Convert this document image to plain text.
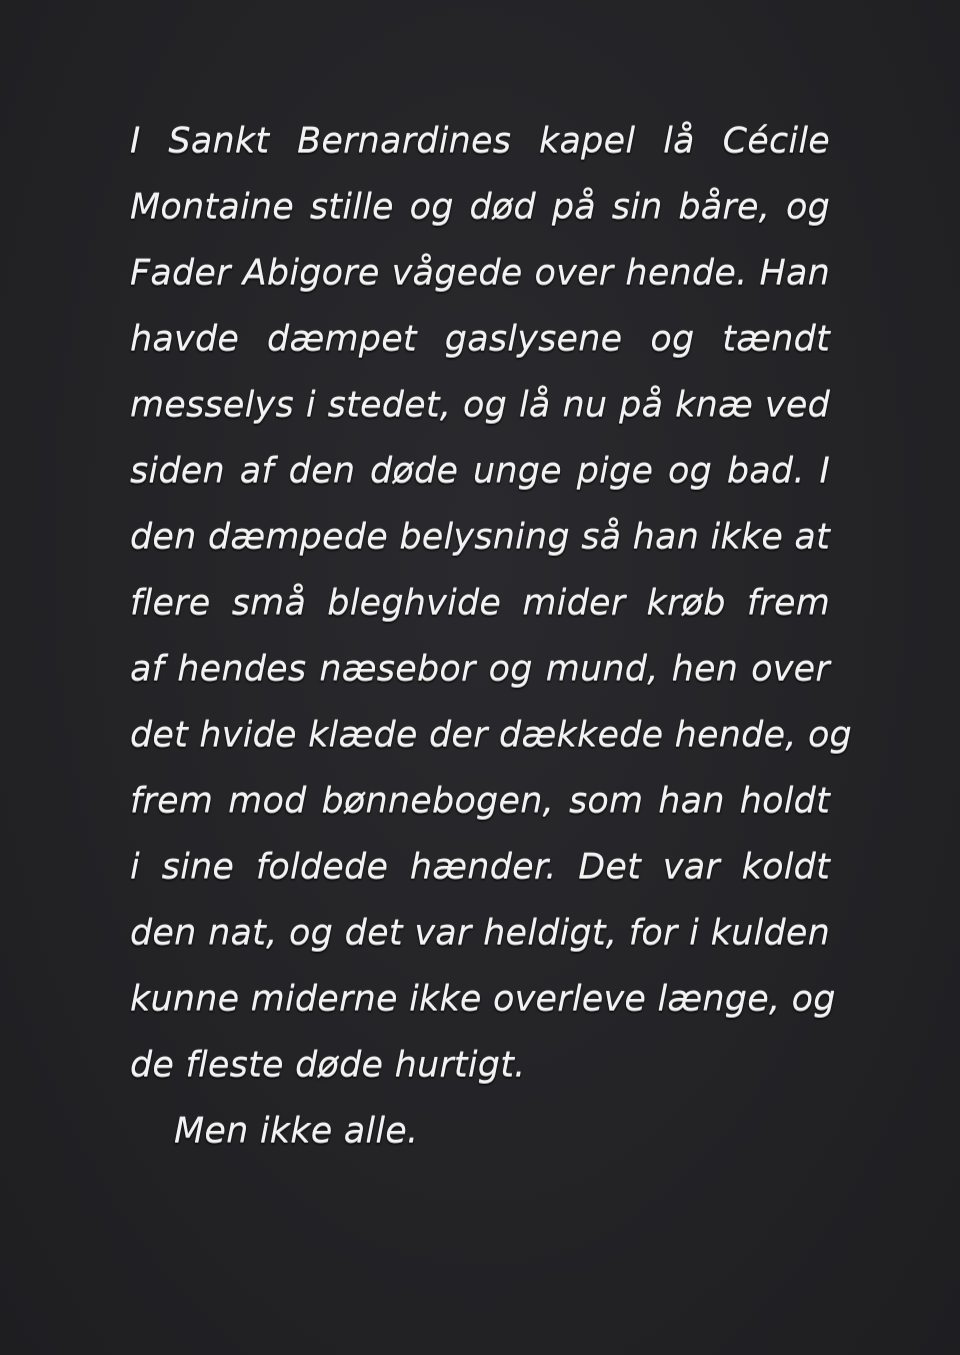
I Sankt Bernardines kapel lå Cécile
Montaine stille og død på sin båre, og
Fader Abigore vågede over hende. Han
havde dæmpet gaslysene og tændt
messelys i stedet, og lå nu på knæ ved
siden af den døde unge pige og bad. I
den dæmpede belysning så han ikke at
flere små bleghvide mider krøb frem
af hendes næsebor og mund, hen over
det hvide klæde der dækkede hende, og
frem mod bønnebogen, som han holdt
i sine foldede hænder. Det var koldt
den nat, og det var heldigt, for i kulden
kunne miderne ikke overleve længe, og
de fleste døde hurtigt.
Men ikke alle.
